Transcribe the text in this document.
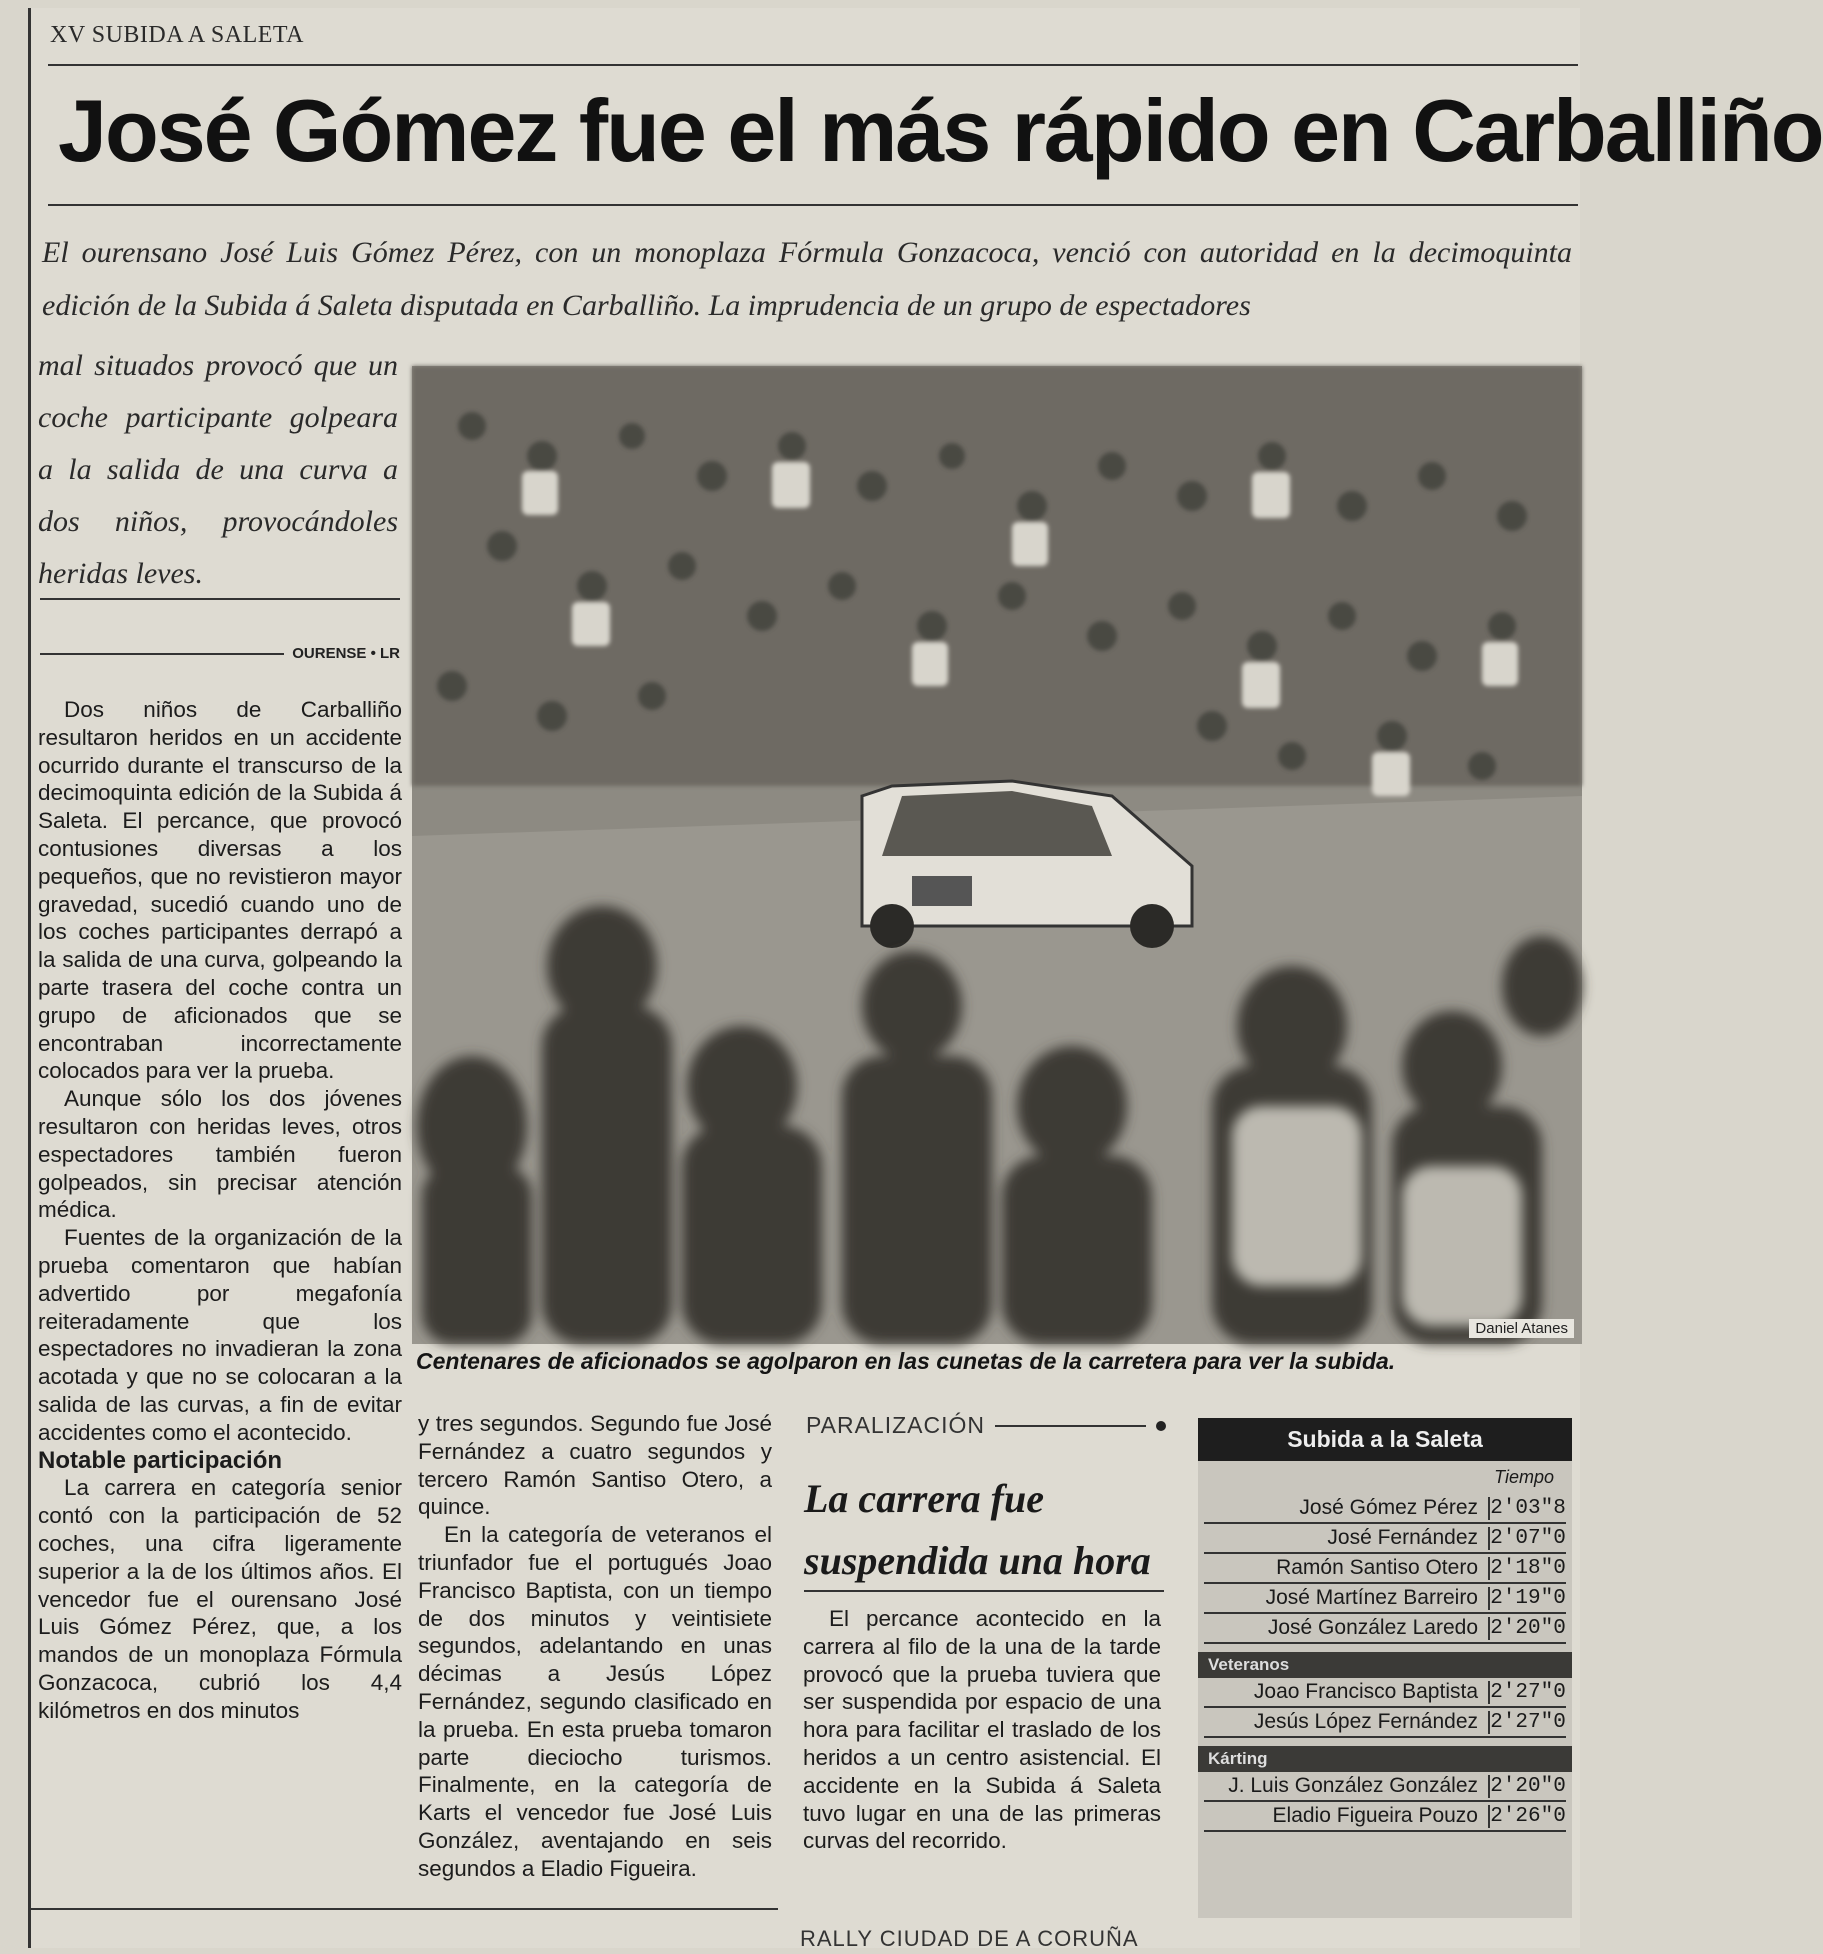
XV SUBIDA A SALETA
José Gómez fue el más rápido en Carballiño
El ourensano José Luis Gómez Pérez, con un monoplaza Fórmula Gonzacoca, venció con autoridad en la decimoquinta edición de la Subida á Saleta disputada en Carballiño. La imprudencia de un grupo de espectadores
mal situados provocó que un coche participante golpeara a la salida de una curva a dos niños, provocándoles heridas leves.
OURENSE • LR

Dos niños de Carballiño resultaron heridos en un accidente ocurrido durante el transcurso de la decimoquinta edición de la Subida á Saleta. El percance, que provocó contusiones diversas a los pequeños, que no revistieron mayor gravedad, sucedió cuando uno de los coches participantes derrapó a la salida de una curva, golpeando la parte trasera del coche contra un grupo de aficionados que se encontraban incorrectamente colocados para ver la prueba.

Aunque sólo los dos jóvenes resultaron con heridas leves, otros espectadores también fueron golpeados, sin precisar atención médica.

Fuentes de la organización de la prueba comentaron que habían advertido por megafonía reiteradamente que los espectadores no invadieran la zona acotada y que no se colocaran a la salida de las curvas, a fin de evitar accidentes como el acontecido.

Notable participación

La carrera en categoría senior contó con la participación de 52 coches, una cifra ligeramente superior a la de los últimos años. El vencedor fue el ourensano José Luis Gómez Pérez, que, a los mandos de un monoplaza Fórmula Gonzacoca, cubrió los 4,4 kilómetros en dos minutos

Daniel Atanes
Centenares de aficionados se agolparon en las cunetas de la carretera para ver la subida.

y tres segundos. Segundo fue José Fernández a cuatro segundos y tercero Ramón Santiso Otero, a quince.

En la categoría de veteranos el triunfador fue el portugués Joao Francisco Baptista, con un tiempo de dos minutos y veintisiete segundos, adelantando en unas décimas a Jesús López Fernández, segundo clasificado en la prueba. En esta prueba tomaron parte dieciocho turismos. Finalmente, en la categoría de Karts el vencedor fue José Luis González, aventajando en seis segundos a Eladio Figueira.

PARALIZACIÓN
La carrera fue suspendida una hora

El percance acontecido en la carrera al filo de la una de la tarde provocó que la prueba tuviera que ser suspendida por espacio de una hora para facilitar el traslado de los heridos a un centro asistencial. El accidente en la Subida á Saleta tuvo lugar en una de las primeras curvas del recorrido.

Subida a la Saleta
Tiempo
José Gómez Pérez 2'03"8
José Fernández 2'07"0
Ramón Santiso Otero 2'18"0
José Martínez Barreiro 2'19"0
José González Laredo 2'20"0
Veteranos
Joao Francisco Baptista 2'27"0
Jesús López Fernández 2'27"0
Kárting
J. Luis González González 2'20"0
Eladio Figueira Pouzo 2'26"0
RALLY CIUDAD DE A CORUÑA
